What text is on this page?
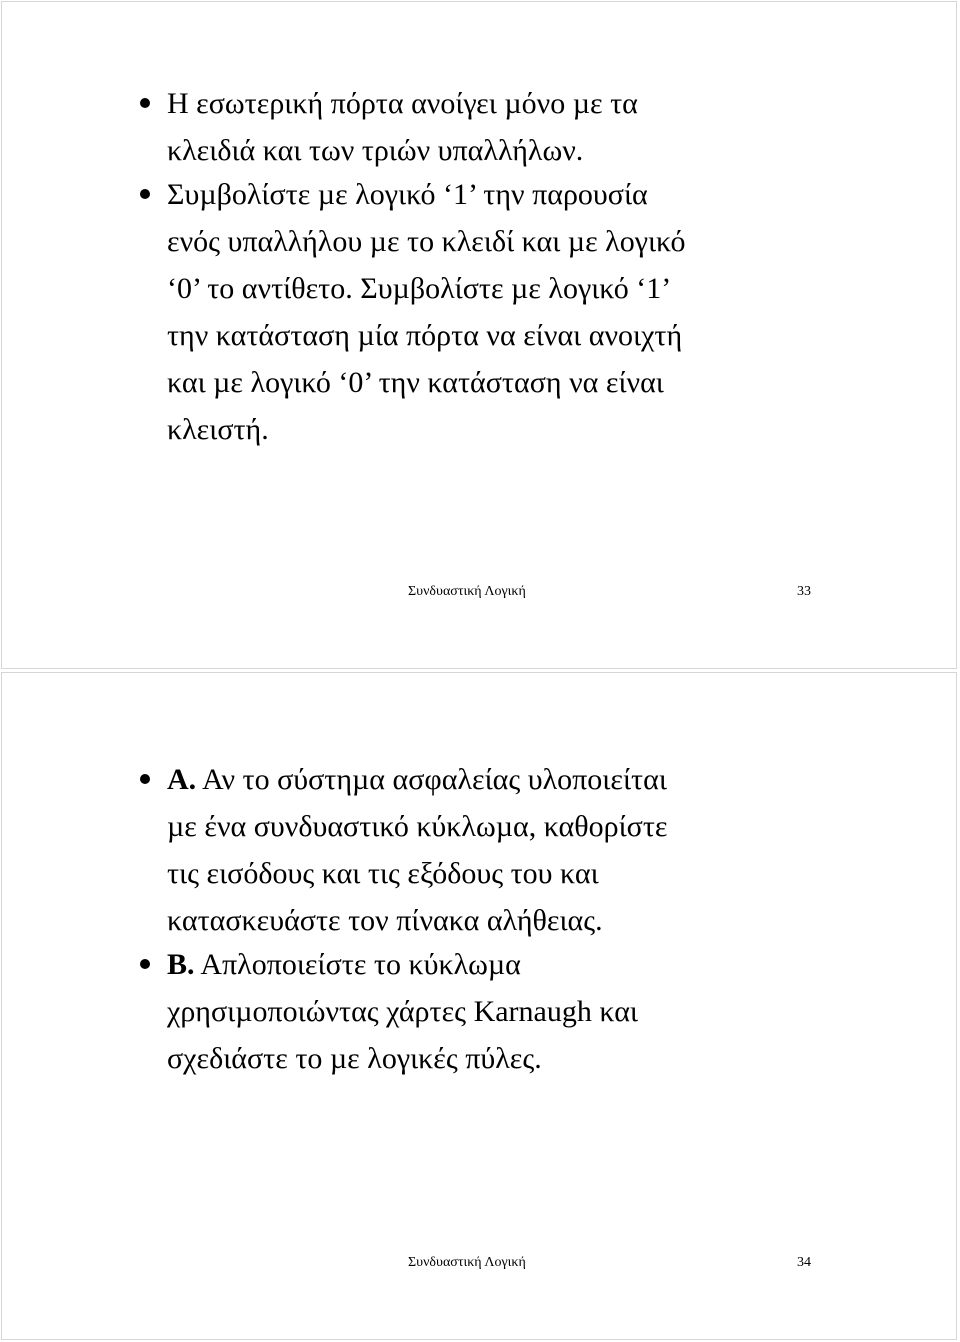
Η εσωτερική πόρτα ανοίγει µόνο µε τα
κλειδιά και των τριών υπαλλήλων.

Συµβολίστε µε λογικό ‘1’ την παρουσία
ενός υπαλλήλου µε το κλειδί και µε λογικό
‘0’ το αντίθετο. Συµβολίστε µε λογικό ‘1’
την κατάσταση µία πόρτα να είναι ανοιχτή
και µε λογικό ‘0’ την κατάσταση να είναι
κλειστή.

Συνδυαστική Λογική	33

Α. Αν το σύστηµα ασφαλείας υλοποιείται
µε ένα συνδυαστικό κύκλωµα, καθορίστε
τις εισόδους και τις εξόδους του και
κατασκευάστε τον πίνακα αλήθειας.

Β. Απλοποιείστε το κύκλωµα
χρησιµοποιώντας χάρτες Karnaugh και
σχεδιάστε το µε λογικές πύλες.

Συνδυαστική Λογική	34
